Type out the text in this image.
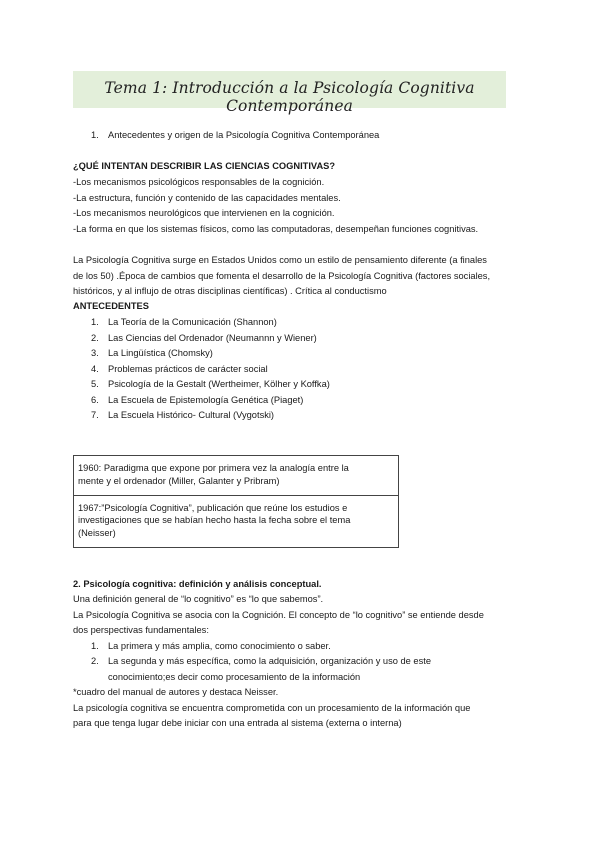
Tema 1: Introducción a la Psicología Cognitiva Contemporánea
1. Antecedentes y origen de la Psicología Cognitiva Contemporánea
¿QUÉ INTENTAN DESCRIBIR LAS CIENCIAS COGNITIVAS?
-Los mecanismos psicológicos responsables de la cognición.
-La estructura, función y contenido de las capacidades mentales.
-Los mecanismos neurológicos que intervienen en la cognición.
-La forma en que los sistemas físicos, como las computadoras, desempeñan funciones cognitivas.
La Psicología Cognitiva surge en Estados Unidos como un estilo de pensamiento diferente (a finales
de los 50) .Época de cambios que fomenta el desarrollo de la Psicología Cognitiva (factores sociales,
históricos, y al influjo de otras disciplinas científicas) . Crítica al conductismo
ANTECEDENTES
1. La Teoría de la Comunicación (Shannon)
2. Las Ciencias del Ordenador (Neumannn y Wiener)
3. La Lingüística (Chomsky)
4. Problemas prácticos de carácter social
5. Psicología de la Gestalt (Wertheimer, Kölher y Koffka)
6. La Escuela de Epistemología Genética (Piaget)
7. La Escuela Histórico- Cultural (Vygotski)
1960: Paradigma que expone por primera vez la analogía entre la
mente y el ordenador (Miller, Galanter y Pribram)
1967:”Psicología Cognitiva”, publicación que reúne los estudios e
investigaciones que se habían hecho hasta la fecha sobre el tema
(Neisser)
2. Psicología cognitiva: definición y análisis conceptual.
Una definición general de “lo cognitivo” es “lo que sabemos”.
La Psicología Cognitiva se asocia con la Cognición. El concepto de “lo cognitivo” se entiende desde
dos perspectivas fundamentales:
1. La primera y más amplia, como conocimiento o saber.
2. La segunda y más específica, como la adquisición, organización y uso de este
conocimiento;es decir como procesamiento de la información
*cuadro del manual de autores y destaca Neisser.
La psicología cognitiva se encuentra comprometida con un procesamiento de la información que
para que tenga lugar debe iniciar con una entrada al sistema (externa o interna)
